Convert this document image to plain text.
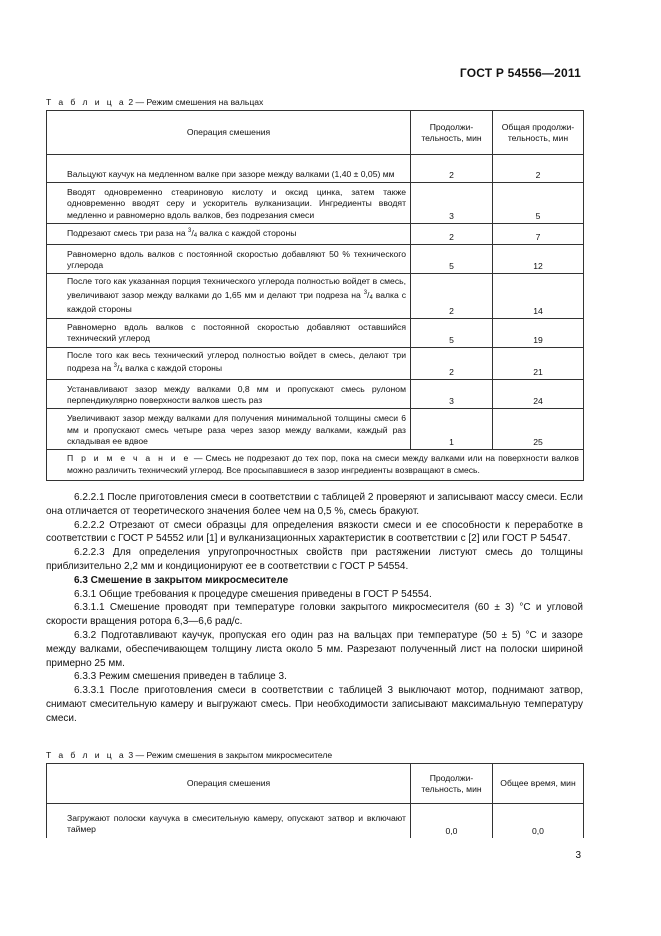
ГОСТ Р 54556—2011
Т а б л и ц а 2 — Режим смешения на вальцах
Операция смешения	Продолжи-тельность, мин	Общая продолжи-тельность, мин
Вальцуют каучук на медленном валке при зазоре между валками (1,40 ± 0,05) мм	2	2
Вводят одновременно стеариновую кислоту и оксид цинка, затем также одновременно вводят серу и ускоритель вулканизации. Ингредиенты вводят медленно и равномерно вдоль валков, без подрезания смеси	3	5
Подрезают смесь три раза на $^3/_4$ валка с каждой стороны	2	7
Равномерно вдоль валков с постоянной скоростью добавляют 50 % технического углерода	5	12
После того как указанная порция технического углерода полностью войдет в смесь, увеличивают зазор между валками до 1,65 мм и делают три подреза на $^3/_4$ валка с каждой стороны	2	14
Равномерно вдоль валков с постоянной скоростью добавляют оставшийся технический углерод	5	19
После того как весь технический углерод полностью войдет в смесь, делают три подреза на $^3/_4$ валка с каждой стороны	2	21
Устанавливают зазор между валками 0,8 мм и пропускают смесь рулоном перпендикулярно поверхности валков шесть раз	3	24
Увеличивают зазор между валками для получения минимальной толщины смеси 6 мм и пропускают смесь четыре раза через зазор между валками, каждый раз складывая ее вдвое	1	25
П р и м е ч а н и е — Смесь не подрезают до тех пор, пока на смеси между валками или на поверхности валков можно различить технический углерод. Все просыпавшиеся в зазор ингредиенты возвращают в смесь.		

6.2.2.1 После приготовления смеси в соответствии с таблицей 2 проверяют и записывают массу смеси. Если она отличается от теоретического значения более чем на 0,5 %, смесь бракуют.

6.2.2.2 Отрезают от смеси образцы для определения вязкости смеси и ее способности к переработке в соответствии с ГОСТ Р 54552 или [1] и вулканизационных характеристик в соответствии с [2] или ГОСТ Р 54547.

6.2.2.3 Для определения упругопрочностных свойств при растяжении листуют смесь до толщины приблизительно 2,2 мм и кондиционируют ее в соответствии с ГОСТ Р 54554.

6.3 Смешение в закрытом микросмесителе

6.3.1 Общие требования к процедуре смешения приведены в ГОСТ Р 54554.

6.3.1.1 Смешение проводят при температуре головки закрытого микросмесителя (60 ± 3) °С и угловой скорости вращения ротора 6,3—6,6 рад/с.

6.3.2 Подготавливают каучук, пропуская его один раз на вальцах при температуре (50 ± 5) °С и зазоре между валками, обеспечивающем толщину листа около 5 мм. Разрезают полученный лист на полоски шириной примерно 25 мм.

6.3.3 Режим смешения приведен в таблице 3.

6.3.3.1 После приготовления смеси в соответствии с таблицей 3 выключают мотор, поднимают затвор, снимают смесительную камеру и выгружают смесь. При необходимости записывают максимальную температуру смеси.

Т а б л и ц а 3 — Режим смешения в закрытом микросмесителе
Операция смешения	Продолжи-тельность, мин	Общее время, мин
Загружают полоски каучука в смесительную камеру, опускают затвор и включают таймер	0,0	0,0
3
